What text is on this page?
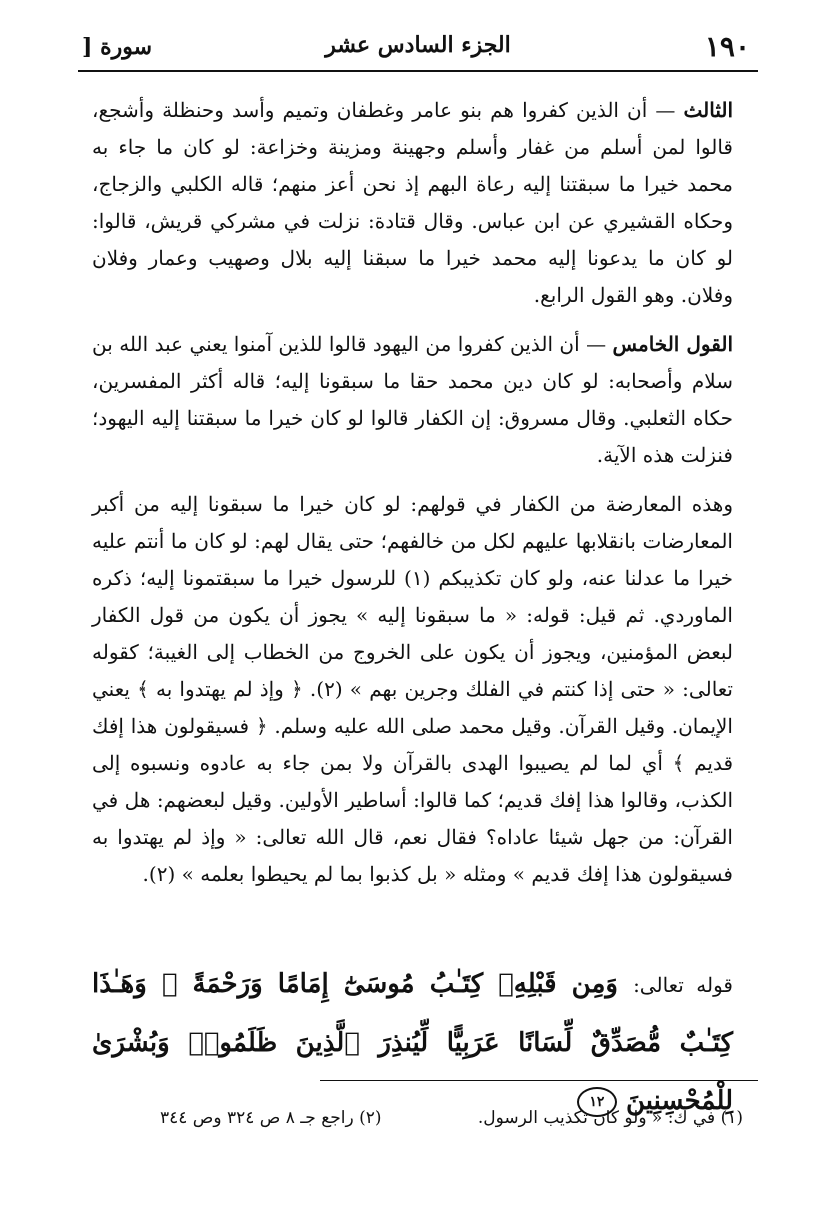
١٩٠
الجزء السادس عشر
سورة [

الثالث — أن الذين كفروا هم بنو عامر وغطفان وتميم وأسد وحنظلة وأشجع، قالوا لمن أسلم من غفار وأسلم وجهينة ومزينة وخزاعة: لو كان ما جاء به محمد خيرا ما سبقتنا إليه رعاة البهم إذ نحن أعز منهم؛ قاله الكلبي والزجاج، وحكاه القشيري عن ابن عباس. وقال قتادة: نزلت في مشركي قريش، قالوا: لو كان ما يدعونا إليه محمد خيرا ما سبقنا إليه بلال وصهيب وعمار وفلان وفلان. وهو القول الرابع.

القول الخامس — أن الذين كفروا من اليهود قالوا للذين آمنوا يعني عبد الله بن سلام وأصحابه: لو كان دين محمد حقا ما سبقونا إليه؛ قاله أكثر المفسرين، حكاه الثعلبي. وقال مسروق: إن الكفار قالوا لو كان خيرا ما سبقتنا إليه اليهود؛ فنزلت هذه الآية.

وهذه المعارضة من الكفار في قولهم: لو كان خيرا ما سبقونا إليه من أكبر المعارضات بانقلابها عليهم لكل من خالفهم؛ حتى يقال لهم: لو كان ما أنتم عليه خيرا ما عدلنا عنه، ولو كان تكذيبكم (١) للرسول خيرا ما سبقتمونا إليه؛ ذكره الماوردي. ثم قيل: قوله: « ما سبقونا إليه » يجوز أن يكون من قول الكفار لبعض المؤمنين، ويجوز أن يكون على الخروج من الخطاب إلى الغيبة؛ كقوله تعالى: « حتى إذا كنتم في الفلك وجرين بهم » (٢). ﴿ وإذ لم يهتدوا به ﴾ يعني الإيمان. وقيل القرآن. وقيل محمد صلى الله عليه وسلم. ﴿ فسيقولون هذا إفك قديم ﴾ أي لما لم يصيبوا الهدى بالقرآن ولا بمن جاء به عادوه ونسبوه إلى الكذب، وقالوا هذا إفك قديم؛ كما قالوا: أساطير الأولين. وقيل لبعضهم: هل في القرآن: من جهل شيئا عاداه؟ فقال نعم، قال الله تعالى: « وإذ لم يهتدوا به فسيقولون هذا إفك قديم » ومثله « بل كذبوا بما لم يحيطوا بعلمه » (٢).

قوله تعالى: وَمِن قَبْلِهِۦ كِتَـٰبُ مُوسَىٰٓ إِمَامًا وَرَحْمَةً ۚ وَهَـٰذَا كِتَـٰبٌ مُّصَدِّقٌ لِّسَانًا عَرَبِيًّا لِّيُنذِرَ ٱلَّذِينَ ظَلَمُوا۟ وَبُشْرَىٰ لِلْمُحْسِنِينَ ١٢
(١) في ك: « ولو كان تكذيب الرسول.
(٢) راجع جـ ٨ ص ٣٢٤ وص ٣٤٤
